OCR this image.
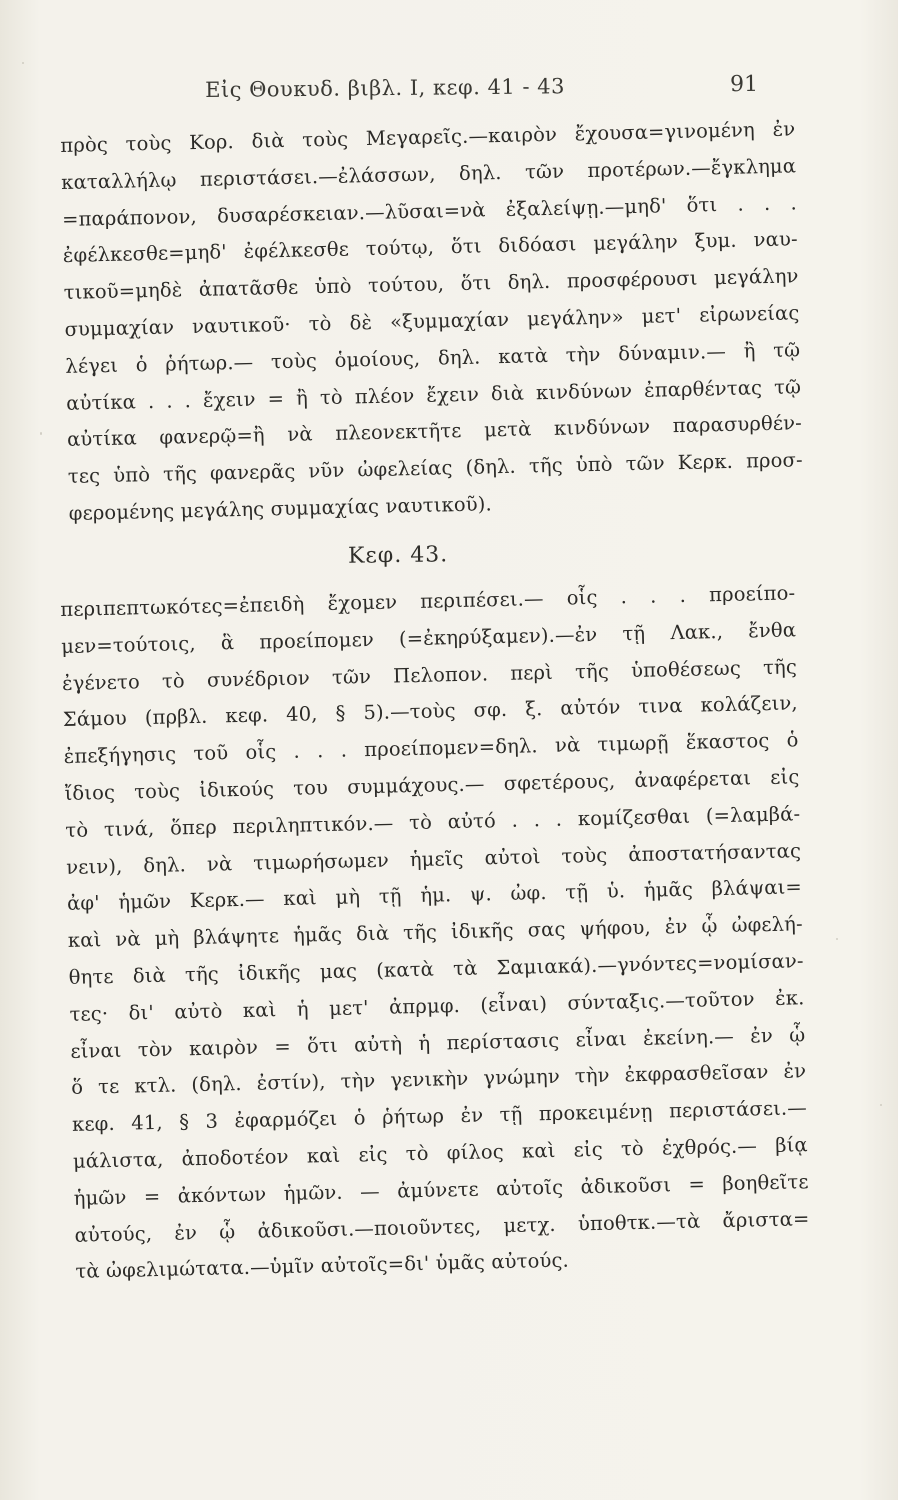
Εἰς Θουκυδ. βιβλ. Ι, κεφ. 41 - 43	91
πρὸς τοὺς Κορ. διὰ τοὺς Μεγαρεῖς.—καιρὸν ἔχουσα=γινομένη ἐν
καταλλήλῳ περιστάσει.—ἐλάσσων, δηλ. τῶν προτέρων.—ἔγκλημα
=παράπονον, δυσαρέσκειαν.—λῦσαι=νὰ ἐξαλείψῃ.—μηδ' ὅτι . . .
ἐφέλκεσθε=μηδ' ἐφέλκεσθε τούτῳ, ὅτι διδόασι μεγάλην ξυμ. ναυ-
τικοῦ=μηδὲ ἀπατᾶσθε ὑπὸ τούτου, ὅτι δηλ. προσφέρουσι μεγάλην
συμμαχίαν ναυτικοῦ· τὸ δὲ «ξυμμαχίαν μεγάλην» μετ' εἰρωνείας
λέγει ὁ ῥήτωρ.— τοὺς ὁμοίους, δηλ. κατὰ τὴν δύναμιν.— ἢ τῷ
αὐτίκα . . . ἔχειν = ἢ τὸ πλέον ἔχειν διὰ κινδύνων ἐπαρθέντας τῷ
αὐτίκα φανερῷ=ἢ νὰ πλεονεκτῆτε μετὰ κινδύνων παρασυρθέν-
τες ὑπὸ τῆς φανερᾶς νῦν ὠφελείας (δηλ. τῆς ὑπὸ τῶν Κερκ. προσ-
φερομένης μεγάλης συμμαχίας ναυτικοῦ).
Κεφ. 43.
περιπεπτωκότες=ἐπειδὴ ἔχομεν περιπέσει.— οἷς . . . προείπο-
μεν=τούτοις, ἃ προείπομεν (=ἐκηρύξαμεν).—ἐν τῇ Λακ., ἔνθα
ἐγένετο τὸ συνέδριον τῶν Πελοπον. περὶ τῆς ὑποθέσεως τῆς
Σάμου (πρβλ. κεφ. 40, § 5).—τοὺς σφ. ξ. αὐτόν τινα κολάζειν,
ἐπεξήγησις τοῦ οἷς . . . προείπομεν=δηλ. νὰ τιμωρῇ ἕκαστος ὁ
ἴδιος τοὺς ἰδικούς του συμμάχους.— σφετέρους, ἀναφέρεται εἰς
τὸ τινά, ὅπερ περιληπτικόν.— τὸ αὐτό . . . κομίζεσθαι (=λαμβά-
νειν), δηλ. νὰ τιμωρήσωμεν ἡμεῖς αὐτοὶ τοὺς ἀποστατήσαντας
ἀφ' ἡμῶν Κερκ.— καὶ μὴ τῇ ἡμ. ψ. ὠφ. τῇ ὑ. ἡμᾶς βλάψαι=
καὶ νὰ μὴ βλάψητε ἡμᾶς διὰ τῆς ἰδικῆς σας ψήφου, ἐν ᾧ ὠφελή-
θητε διὰ τῆς ἰδικῆς μας (κατὰ τὰ Σαμιακά).—γνόντες=νομίσαν-
τες· δι' αὐτὸ καὶ ἡ μετ' ἀπρμφ. (εἶναι) σύνταξις.—τοῦτον ἐκ.
εἶναι τὸν καιρὸν = ὅτι αὐτὴ ἡ περίστασις εἶναι ἐκείνη.— ἐν ᾧ
ὅ τε κτλ. (δηλ. ἐστίν), τὴν γενικὴν γνώμην τὴν ἐκφρασθεῖσαν ἐν
κεφ. 41, § 3 ἐφαρμόζει ὁ ῥήτωρ ἐν τῇ προκειμένῃ περιστάσει.—
μάλιστα, ἀποδοτέον καὶ εἰς τὸ φίλος καὶ εἰς τὸ ἐχθρός.— βίᾳ
ἡμῶν = ἀκόντων ἡμῶν. — ἀμύνετε αὐτοῖς ἀδικοῦσι = βοηθεῖτε
αὐτούς, ἐν ᾧ ἀδικοῦσι.—ποιοῦντες, μετχ. ὑποθτκ.—τὰ ἄριστα=
τὰ ὠφελιμώτατα.—ὑμῖν αὐτοῖς=δι' ὑμᾶς αὐτούς.
